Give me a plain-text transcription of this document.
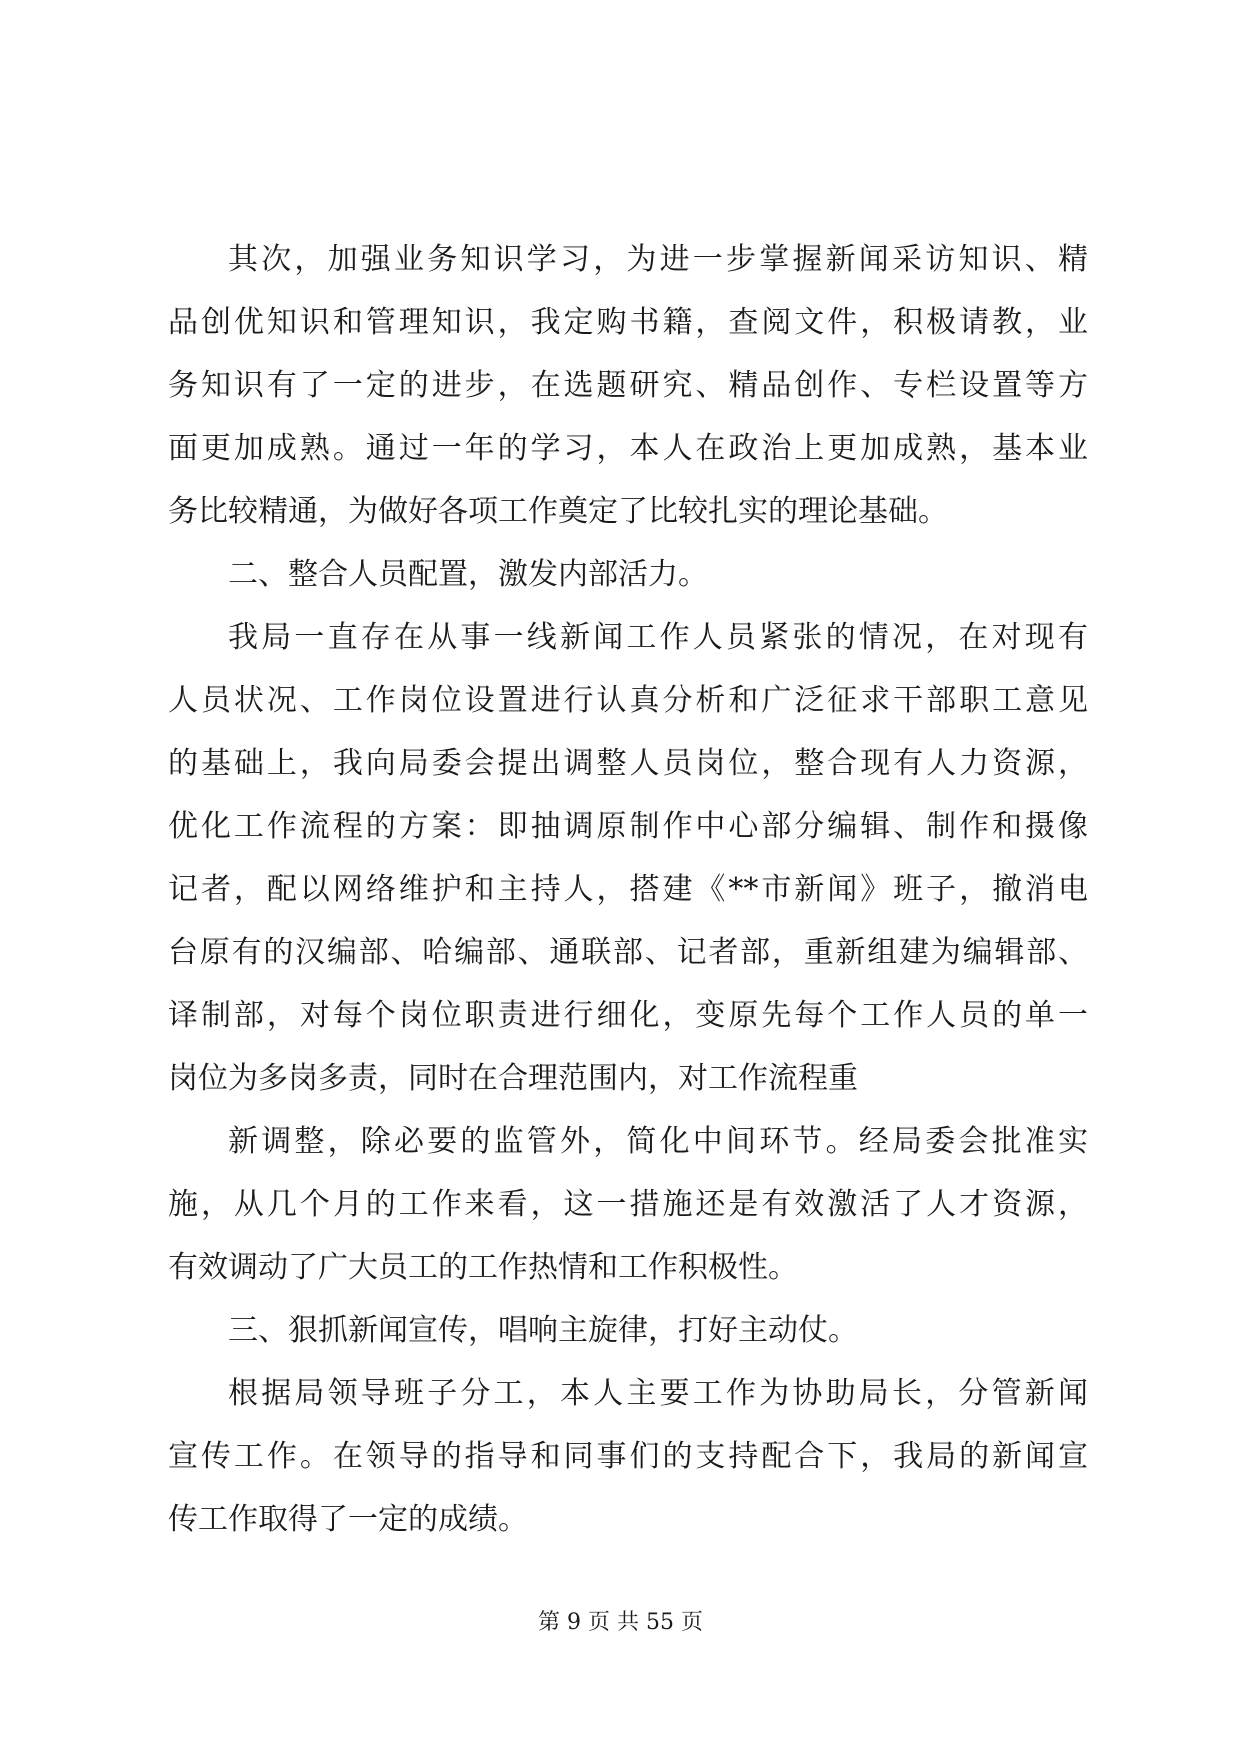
其次，加强业务知识学习，为进一步掌握新闻采访知识、精
品创优知识和管理知识，我定购书籍，查阅文件，积极请教，业
务知识有了一定的进步，在选题研究、精品创作、专栏设置等方
面更加成熟。通过一年的学习，本人在政治上更加成熟，基本业
务比较精通，为做好各项工作奠定了比较扎实的理论基础。
二、整合人员配置，激发内部活力。
我局一直存在从事一线新闻工作人员紧张的情况，在对现有
人员状况、工作岗位设置进行认真分析和广泛征求干部职工意见
的基础上，我向局委会提出调整人员岗位，整合现有人力资源，
优化工作流程的方案：即抽调原制作中心部分编辑、制作和摄像
记者，配以网络维护和主持人，搭建《**市新闻》班子，撤消电
台原有的汉编部、哈编部、通联部、记者部，重新组建为编辑部、
译制部，对每个岗位职责进行细化，变原先每个工作人员的单一
岗位为多岗多责，同时在合理范围内，对工作流程重
新调整，除必要的监管外，简化中间环节。经局委会批准实
施，从几个月的工作来看，这一措施还是有效激活了人才资源，
有效调动了广大员工的工作热情和工作积极性。
三、狠抓新闻宣传，唱响主旋律，打好主动仗。
根据局领导班子分工，本人主要工作为协助局长，分管新闻
宣传工作。在领导的指导和同事们的支持配合下，我局的新闻宣
传工作取得了一定的成绩。
第 9 页 共 55 页
